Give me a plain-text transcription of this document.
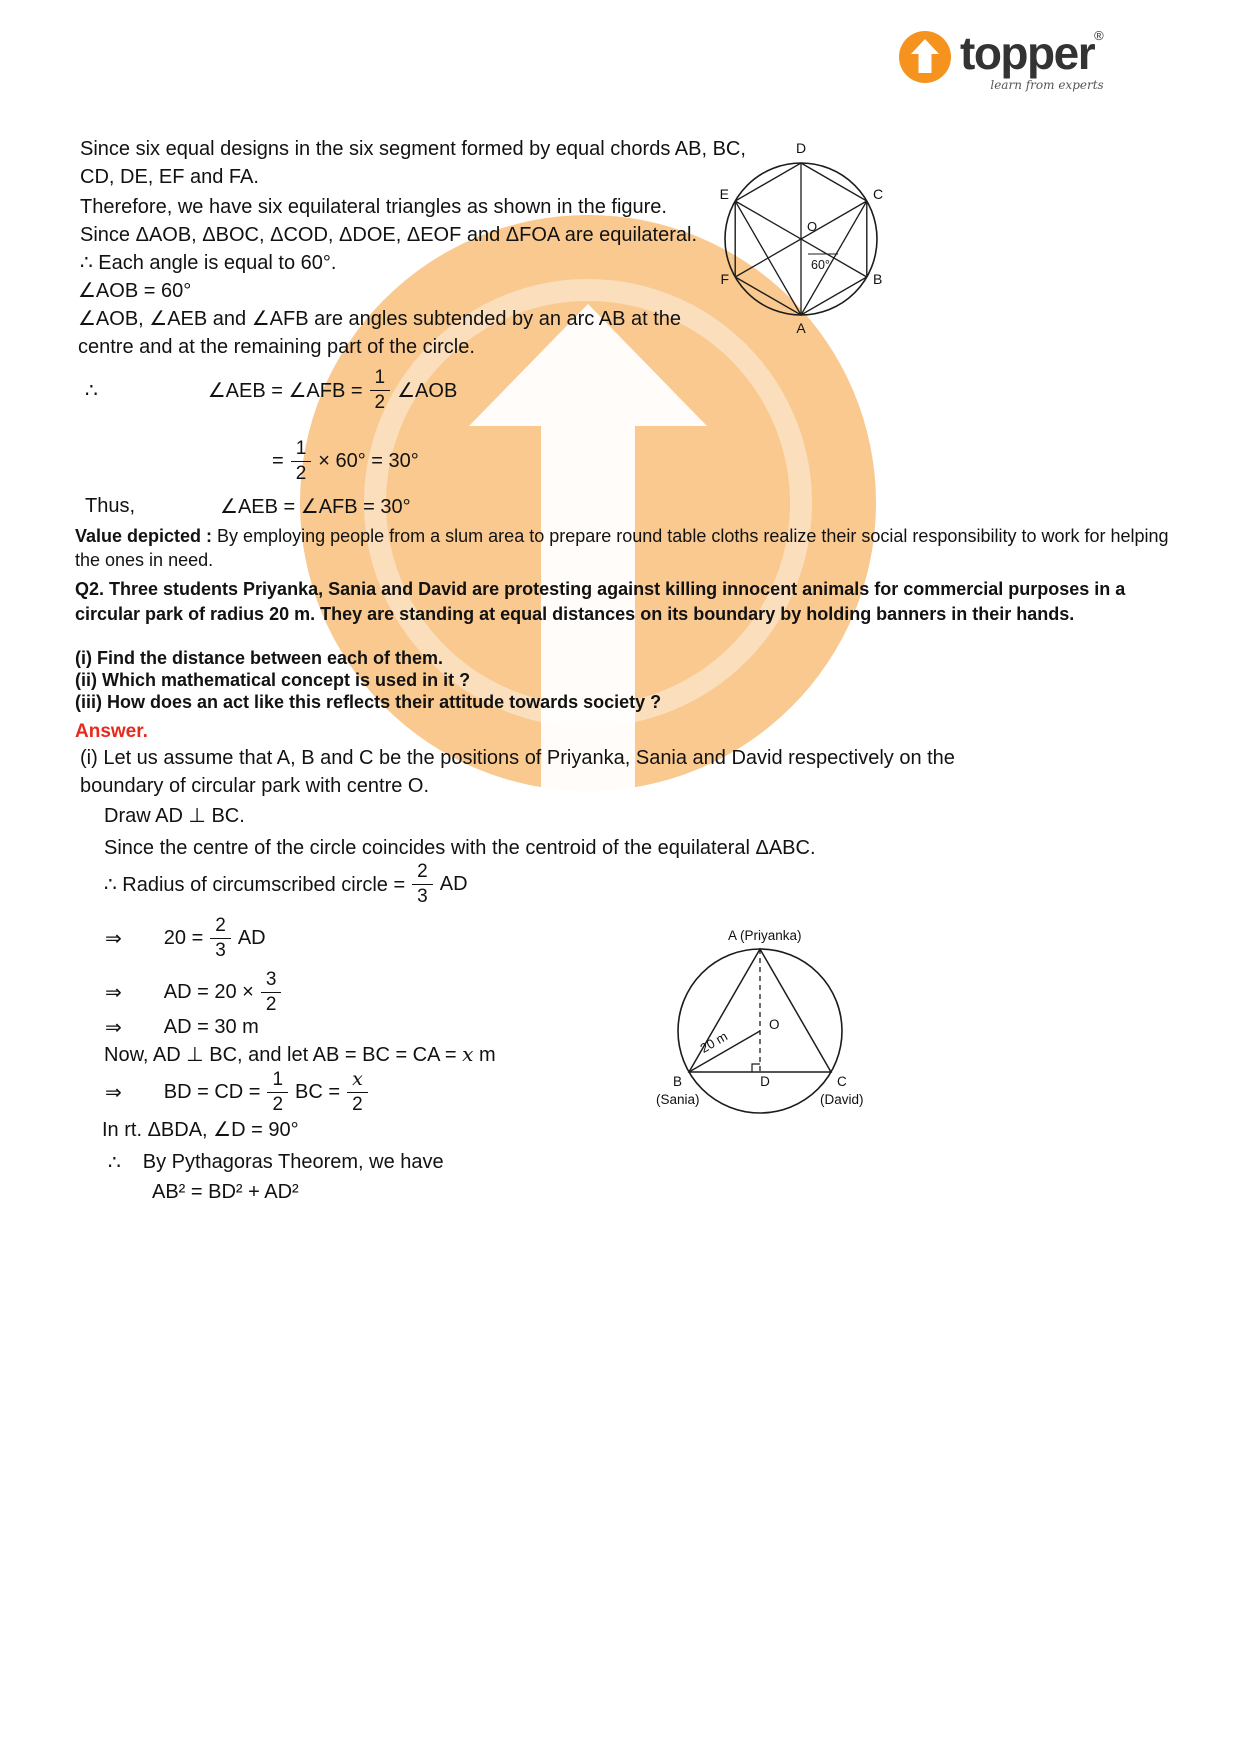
topper®
learn from experts
Since six equal designs in the six segment formed by equal chords AB, BC, CD, DE, EF and FA.
Therefore, we have six equilateral triangles as shown in the figure.
Since ΔAOB, ΔBOC, ΔCOD, ΔDOE, ΔEOF and ΔFOA are equilateral.
∴ Each angle is equal to 60°.
∠AOB = 60°
∠AOB, ∠AEB and ∠AFB are angles subtended by an arc AB at the centre and at the remaining part of the circle.
∴	∠AEB = ∠AFB = $\frac{1}{2}$ ∠AOB
= $\frac{1}{2} \times 60^\circ = 30^\circ$
Thus,	∠AEB = ∠AFB = 30°
Value depicted : By employing people from a slum area to prepare round table cloths realize their social responsibility to work for helping the ones in need.
Q2. Three students Priyanka, Sania and David are protesting against killing innocent animals for commercial purposes in a circular park of radius 20 m. They are standing at equal distances on its boundary by holding banners in their hands.
(i) Find the distance between each of them.
(ii) Which mathematical concept is used in it ?
(iii) How does an act like this reflects their attitude towards society ?
Answer.
(i) Let us assume that A, B and C be the positions of Priyanka, Sania and David respectively on the boundary of circular park with centre O.
Draw AD ⊥ BC.
Since the centre of the circle coincides with the centroid of the equilateral ΔABC.
∴ Radius of circumscribed circle = $\frac{2}{3}$ AD
⇒ $20 = \frac{2}{3}$ AD
⇒ AD = $20 \times \frac{3}{2}$
⇒ AD = 30 m
Now, AD ⊥ BC, and let AB = BC = CA = x m
⇒ BD = CD = $\frac{1}{2}$ BC = $\frac{x}{2}$
In rt. ΔBDA, ∠D = 90°
∴ By Pythagoras Theorem, we have
AB² = BD² + AD²
D
C
B
A
F
E
O
60°
A (Priyanka)
B
(Sania)
C
(David)
D
O
20 m
